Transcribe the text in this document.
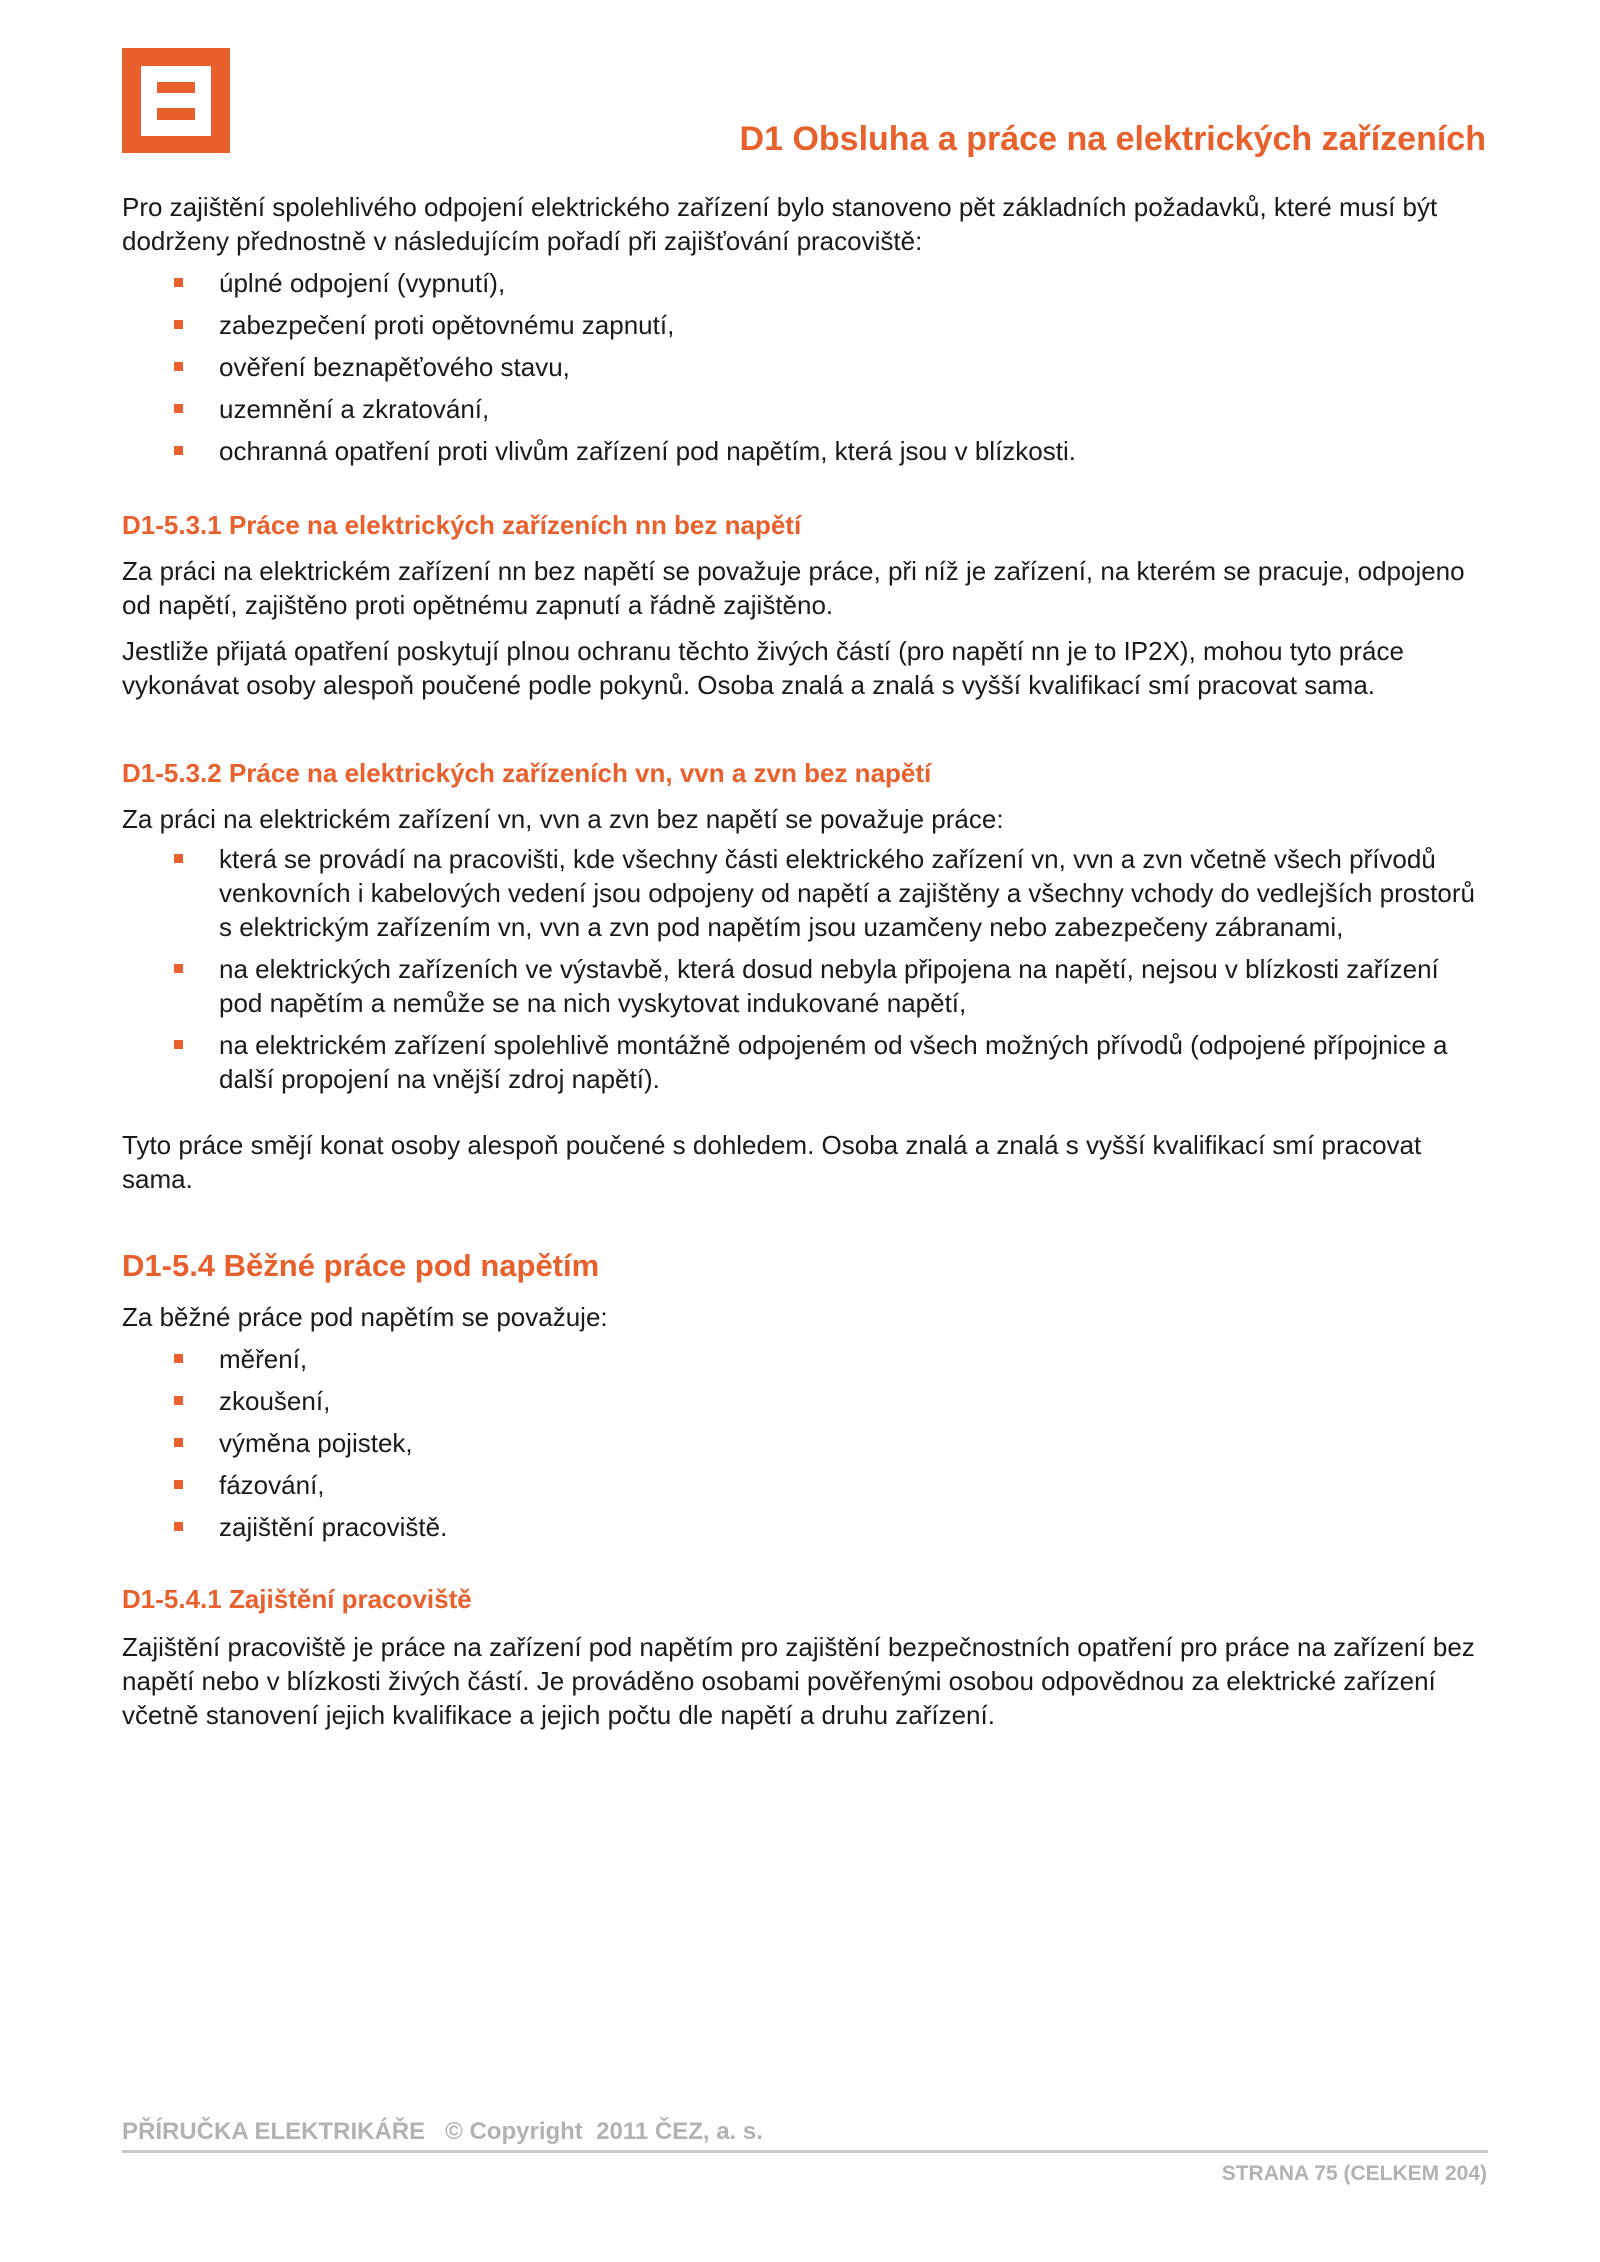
D1 Obsluha a práce na elektrických zařízeních

Pro zajištění spolehlivého odpojení elektrického zařízení bylo stanoveno pět základních požadavků, které musí být dodrženy přednostně v následujícím pořadí při zajišťování pracoviště:

úplné odpojení (vypnutí),
zabezpečení proti opětovnému zapnutí,
ověření beznapěťového stavu,
uzemnění a zkratování,
ochranná opatření proti vlivům zařízení pod napětím, která jsou v blízkosti.
D1-5.3.1 Práce na elektrických zařízeních nn bez napětí

Za práci na elektrickém zařízení nn bez napětí se považuje práce, při níž je zařízení, na kterém se pracuje, odpojeno od napětí, zajištěno proti opětnému zapnutí a řádně zajištěno.

Jestliže přijatá opatření poskytují plnou ochranu těchto živých částí (pro napětí nn je to IP2X), mohou tyto práce vykonávat osoby alespoň poučené podle pokynů. Osoba znalá a znalá s vyšší kvalifikací smí pracovat sama.

D1-5.3.2 Práce na elektrických zařízeních vn, vvn a zvn bez napětí

Za práci na elektrickém zařízení vn, vvn a zvn bez napětí se považuje práce:

která se provádí na pracovišti, kde všechny části elektrického zařízení vn, vvn a zvn včetně všech přívodů venkovních i kabelových vedení jsou odpojeny od napětí a zajištěny a všechny vchody do vedlejších prostorů s elektrickým zařízením vn, vvn a zvn pod napětím jsou uzamčeny nebo zabezpečeny zábranami,
na elektrických zařízeních ve výstavbě, která dosud nebyla připojena na napětí, nejsou v blízkosti zařízení pod napětím a nemůže se na nich vyskytovat indukované napětí,
na elektrickém zařízení spolehlivě montážně odpojeném od všech možných přívodů (odpojené přípojnice a další propojení na vnější zdroj napětí).

Tyto práce smějí konat osoby alespoň poučené s dohledem. Osoba znalá a znalá s vyšší kvalifikací smí pracovat sama.

D1-5.4 Běžné práce pod napětím

Za běžné práce pod napětím se považuje:

měření,
zkoušení,
výměna pojistek,
fázování,
zajištění pracoviště.
D1-5.4.1 Zajištění pracoviště

Zajištění pracoviště je práce na zařízení pod napětím pro zajištění bezpečnostních opatření pro práce na zařízení bez napětí nebo v blízkosti živých částí. Je prováděno osobami pověřenými osobou odpovědnou za elektrické zařízení včetně stanovení jejich kvalifikace a jejich počtu dle napětí a druhu zařízení.

PŘÍRUČKA ELEKTRIKÁŘE   © Copyright  2011 ČEZ, a. s.
STRANA 75 (CELKEM 204)
